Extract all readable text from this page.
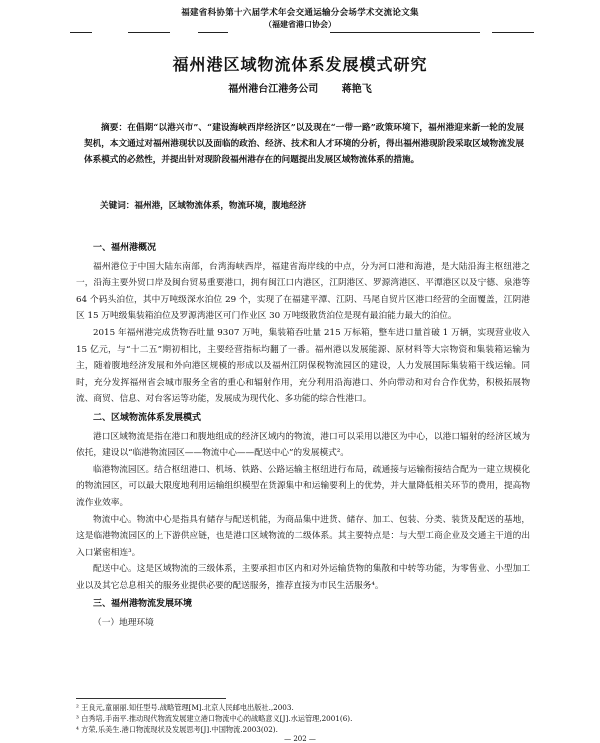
福建省科协第十六届学术年会交通运输分会场学术交流论文集
（福建省港口协会）
福州港区域物流体系发展模式研究
福州港台江港务公司 蒋艳飞

摘要：在倡期“以港兴市”、“建设海峡西岸经济区”以及现在“一带一路”政策环境下，福州港迎来新一轮的发展契机，本文通过对福州港现状以及面临的政治、经济、技术和人才环境的分析，得出福州港现阶段采取区域物流发展体系模式的必然性，并提出针对现阶段福州港存在的问题提出发展区域物流体系的措施。

关键词：福州港，区域物流体系，物流环境，腹地经济

一、福州港概况

福州港位于中国大陆东南部，台湾海峡西岸，福建省海岸线的中点，分为河口港和海港，是大陆沿海主枢纽港之一，沿海主要外贸口岸及闽台贸易重要港口，拥有闽江口内港区，江阴港区、罗源湾港区、平潭港区以及宁德、泉港等 64 个码头泊位，其中万吨级深水泊位 29 个，实现了在福建平潭、江阴、马尾自贸片区港口经营的全面覆盖，江阴港区 15 万吨级集装箱泊位及罗源湾港区可门作业区 30 万吨级散货泊位是现有最泊能力最大的泊位。

2015 年福州港完成货物吞吐量 9307 万吨，集装箱吞吐量 215 万标箱，整车进口量首破 1 万辆，实现营业收入 15 亿元，与“十二五”期初相比，主要经营指标均翻了一番。福州港以发展能源、原材料等大宗物资和集装箱运输为主，随着腹地经济发展和外向港区规模的形成以及福州江阴保税物流园区的建设，人力发展国际集装箱干线运输。同时，充分发挥福州省会城市服务全省的重心和辐射作用，充分利用沿海港口、外向带动和对台合作优势，积极拓展物流、商贸、信息、对台客运等功能，发展成为现代化、多功能的综合性港口。

二、区域物流体系发展模式

港口区域物流是指在港口和腹地组成的经济区域内的物流，港口可以采用以港区为中心，以港口辐射的经济区域为依托，建设以“临港物流园区——物流中心——配送中心”的发展模式²。

临港物流园区。结合枢纽港口、机场、铁路、公路运输主枢纽进行布局，疏通接与运输衔接结合配为一建立规模化的物流园区，可以最大限度地利用运输组织模型在货源集中和运输要利上的优势，并大量降低相关环节的费用，提高物流作业效率。

物流中心。物流中心是指具有储存与配送机能，为商品集中进货、储存、加工、包装、分类、装货及配送的基地，这是临港物流园区的上下游供应链，也是港口区域物流的二级体系。其主要特点是：与大型工商企业及交通主干道的出入口紧密相连³。

配送中心。这是区域物流的三级体系，主要承担市区内和对外运输货物的集散和中转等功能，为零售业、小型加工业以及其它总息相关的服务业提供必要的配送服务，推荐直接为市民生活服务⁴。

三、福州港物流发展环境
（一）地理环境
² 王良元,童丽丽.知任型号.战略管理[M].北京人民邮电出版社.,2003.
³ 白秀培,手南平.推动现代物流发展建立港口物流中心的战略意义[J].水运管理,2001(6).
⁴ 方荣,乐美生.港口物流现状及发展思考[J].中国物流.2003(02).
— 202 —
